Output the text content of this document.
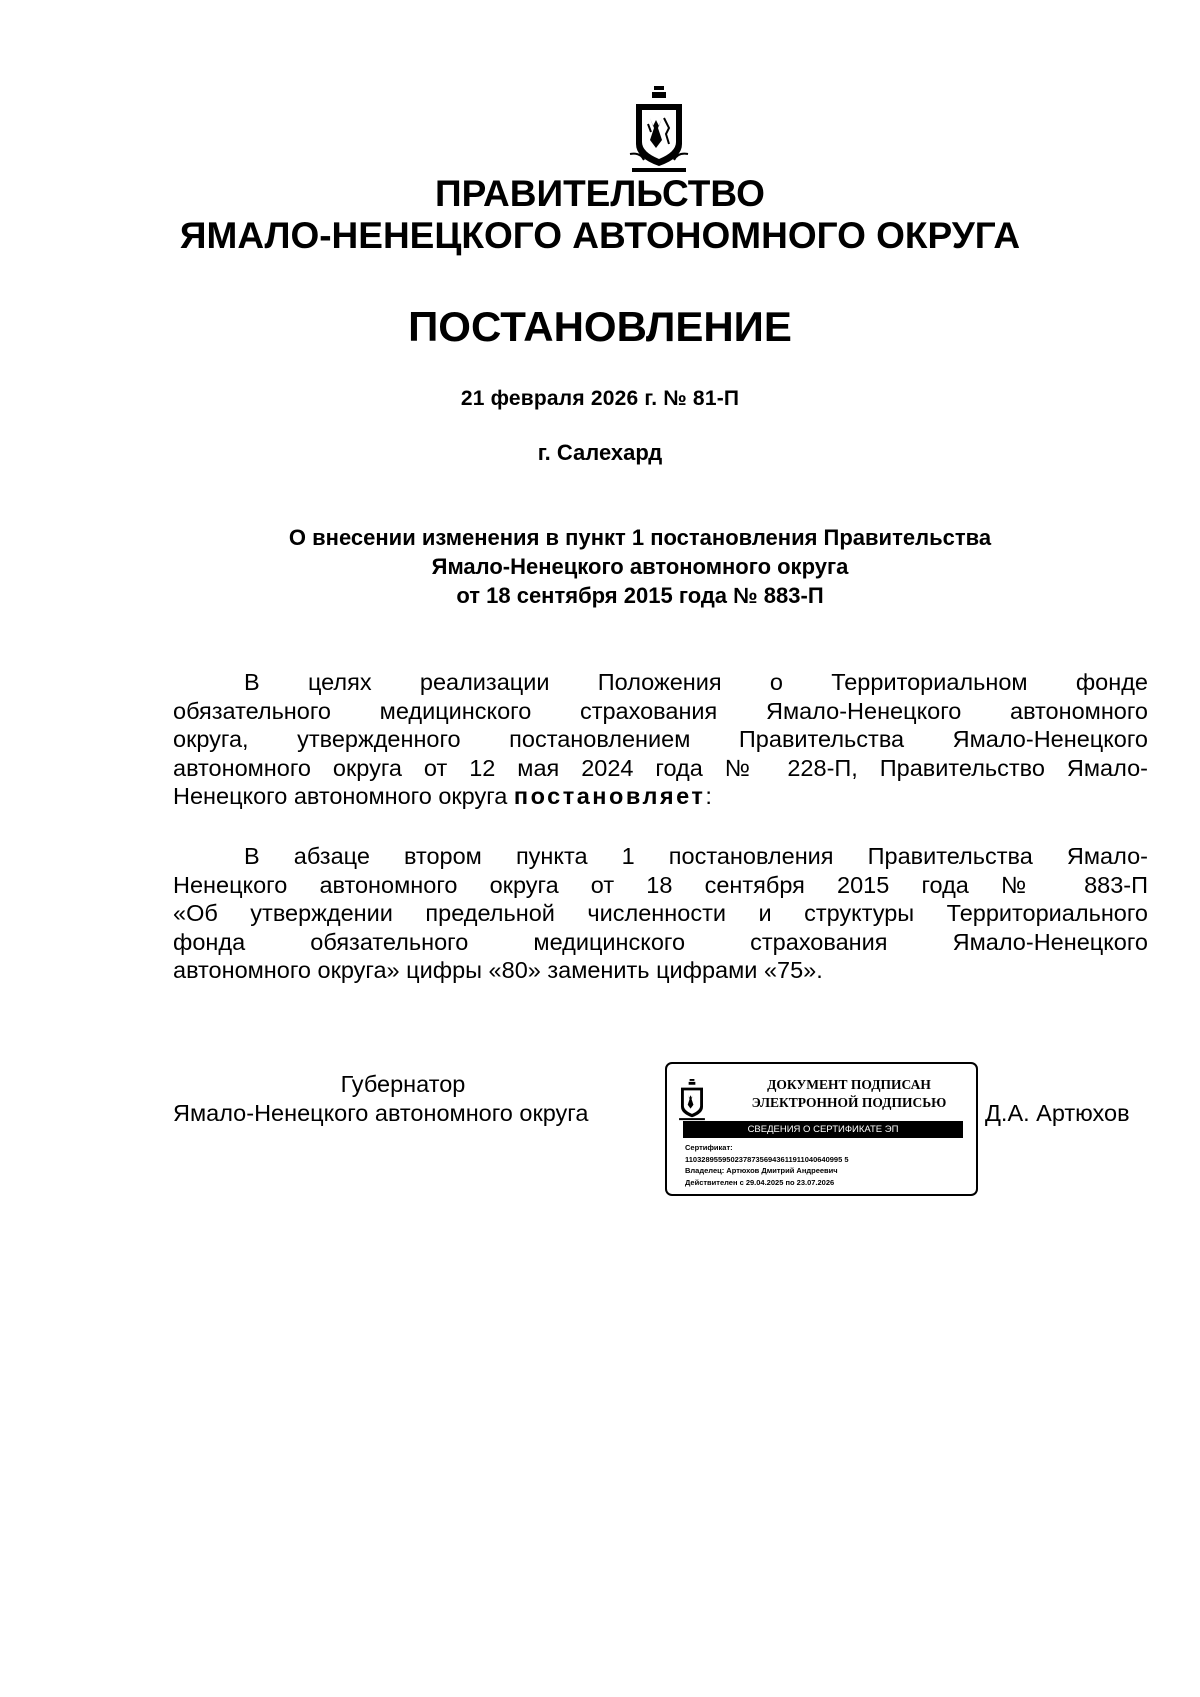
ПРАВИТЕЛЬСТВО
ЯМАЛО-НЕНЕЦКОГО АВТОНОМНОГО ОКРУГА
ПОСТАНОВЛЕНИЕ
21 февраля 2026 г. № 81-П
г. Салехард
О внесении изменения в пункт 1 постановления Правительства
Ямало-Ненецкого автономного округа
от 18 сентября 2015 года № 883-П
В целях реализации Положения о Территориальном фонде
обязательного медицинского страхования Ямало-Ненецкого автономного
округа, утвержденного постановлением Правительства Ямало-Ненецкого
автономного округа от 12 мая 2024 года № 228-П, Правительство Ямало-
Ненецкого автономного округа постановляет:
В абзаце втором пункта 1 постановления Правительства Ямало-
Ненецкого автономного округа от 18 сентября 2015 года № 883-П
«Об утверждении предельной численности и структуры Территориального
фонда обязательного медицинского страхования Ямало-Ненецкого
автономного округа» цифры «80» заменить цифрами «75».
Губернатор
Ямало-Ненецкого автономного округа
ДОКУМЕНТ ПОДПИСАН
ЭЛЕКТРОННОЙ ПОДПИСЬЮ
СВЕДЕНИЯ О СЕРТИФИКАТЕ ЭП
Сертификат:
11032895595023787356943611911040640995 5
Владелец: Артюхов Дмитрий Андреевич
Действителен с 29.04.2025 по 23.07.2026
Д.А. Артюхов
